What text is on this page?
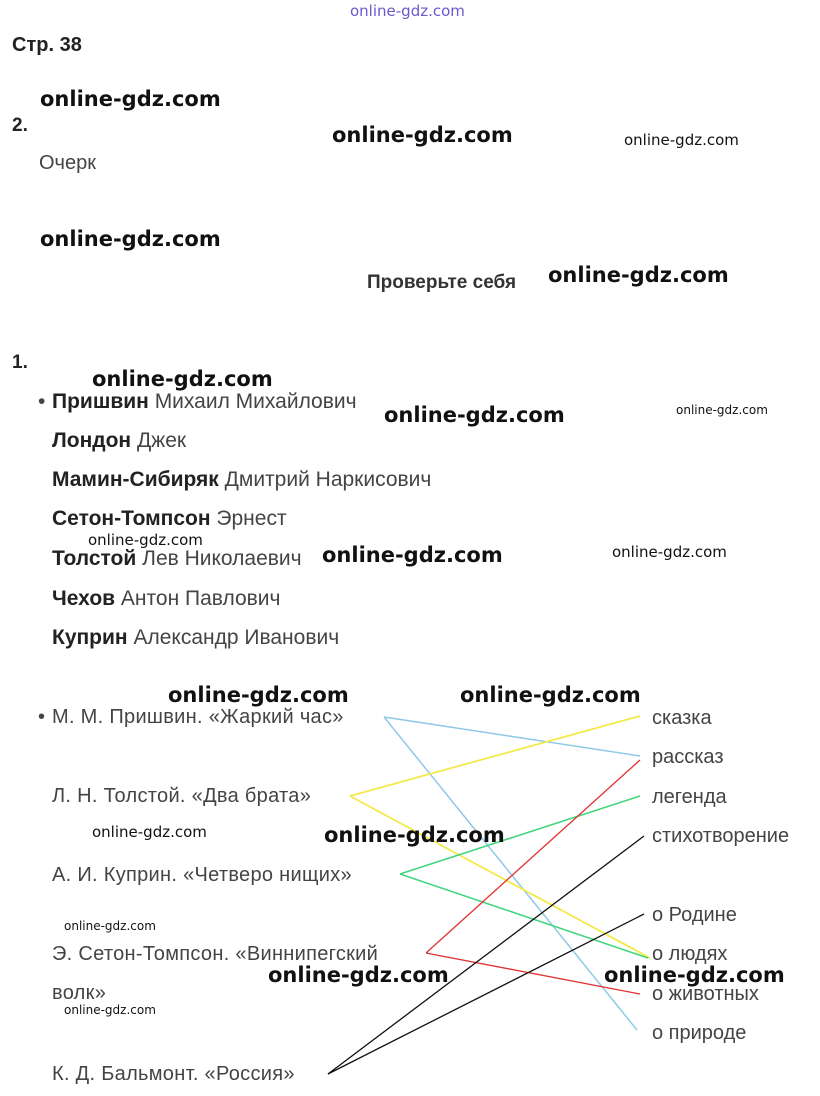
online-gdz.com
Стр. 38
online-gdz.com
2.	online-gdz.com	online-gdz.com
Очерк
online-gdz.com
Проверьте себя online-gdz.com
1.
online-gdz.com
• Пришвин Михаил Михайлович
online-gdz.com	online-gdz.com
Лондон Джек
Мамин-Сибиряк Дмитрий Наркисович
Сетон-Томпсон Эрнест
online-gdz.com
Толстой Лев Николаевич online-gdz.com	online-gdz.com
Чехов Антон Павлович
Куприн Александр Иванович
online-gdz.com	online-gdz.com
• М. М. Пришвин. «Жаркий час»
Л. Н. Толстой. «Два брата»
online-gdz.com	online-gdz.com
А. И. Куприн. «Четверо нищих»
online-gdz.com
Э. Сетон-Томпсон. «Виннипегский
online-gdz.com
волк»
online-gdz.com
К. Д. Бальмонт. «Россия»
сказка
рассказ
легенда
стихотворение
о Родине
о людях
online-gdz.com
о животных
о природе
